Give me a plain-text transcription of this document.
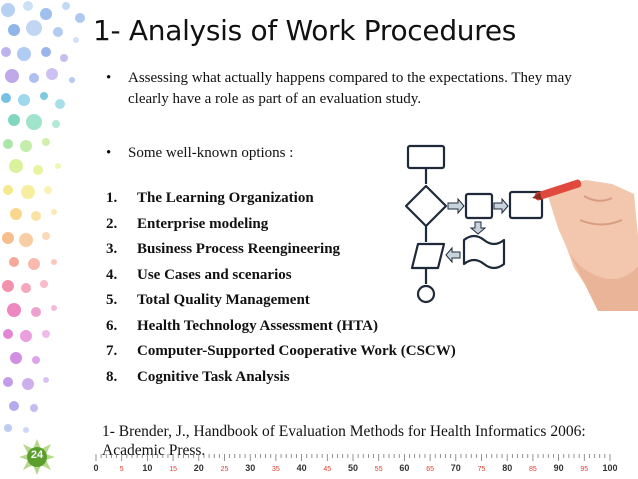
1- Analysis of Work Procedures
• Assessing what actually happens compared to the expectations. They may clearly have a role as part of an evaluation study.
• Some well-known options :
1. The Learning Organization
2. Enterprise modeling
3. Business Process Reengineering
4. Use Cases and scenarios
5. Total Quality Management
6. Health Technology Assessment (HTA)
7. Computer-Supported Cooperative Work (CSCW)
8. Cognitive Task Analysis
1- Brender, J., Handbook of Evaluation Methods for Health Informatics 2006: Academic Press.
24
0	5 10 15 20 25 30 35 40 45 50 55 60 65 70 75 80 85 90 95 100
